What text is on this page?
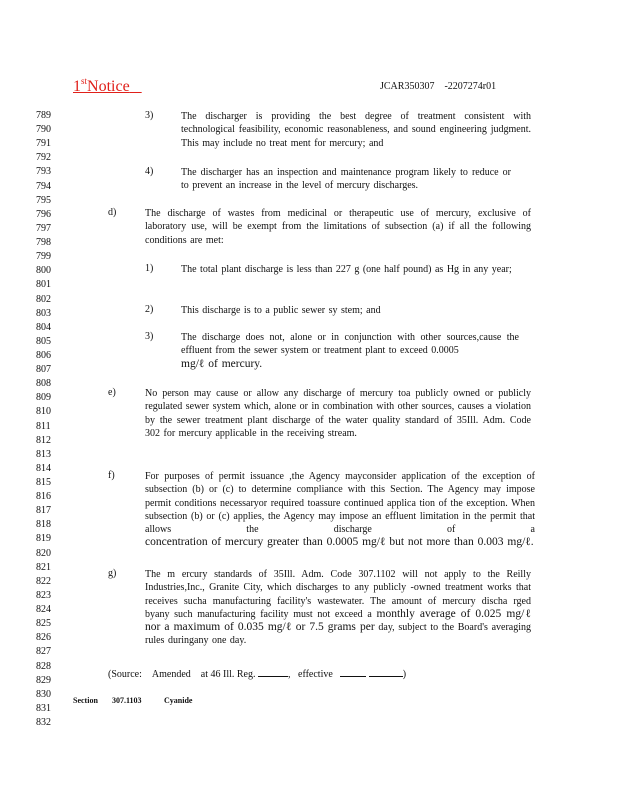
1stNotice	JCAR350307 -2207274r01
789
790
791
792
793
794
795
796
797
798
799
800
801
802
803
804
805
806
807
808
809
810
811
812
813
814
815
816
817
818
819
820
821
822
823
824
825
826
827
828
829
830
831
832
3)	The discharger is providing the best degree of treatment consistent with technological feasibility, economic reasonableness, and sound engineering judgment. This may include no treat ment for mercury; and
4)	The discharger has an inspection and maintenance program likely to reduce or to prevent an increase in the level of mercury discharges.
d)	The discharge of wastes from medicinal or therapeutic use of mercury, exclusive of laboratory use, will be exempt from the limitations of subsection (a) if all the following conditions are met:
1)	The total plant discharge is less than 227 g (one half pound) as Hg in any year;
2)	This discharge is to a public sewer sy stem; and
3)	The discharge does not, alone or in conjunction with other sources,cause the effluent from the sewer system or treatment plant to exceed 0.0005
mg/ℓ of mercury.
e)	No person may cause or allow any discharge of mercury toa publicly owned or publicly regulated sewer system which, alone or in combination with other sources, causes a violation by the sewer treatment plant discharge of the water quality standard of 35Ill. Adm. Code 302 for mercury applicable in the receiving stream.
f)	For purposes of permit issuance ,the Agency mayconsider application of the exception of subsection (b) or (c) to determine compliance with this Section. The Agency may impose permit conditions necessaryor required toassure continued applica tion of the exception. When subsection (b) or (c) applies, the Agency may impose an effluent limitation in the permit that allows the discharge of a concentration of mercury greater than 0.0005 mg/ℓ but not more than 0.003 mg/ℓ.
g)	The m ercury standards of 35Ill. Adm. Code 307.1102 will not apply to the Reilly Industries,Inc., Granite City, which discharges to any publicly -owned treatment works that receives sucha manufacturing facility's wastewater. The amount of mercury discha rged byany such manufacturing facility must not exceed a monthly average of 0.025 mg/ℓ nor a maximum of 0.035 mg/ℓ or 7.5 grams per day, subject to the Board's averaging rules duringany one day.
(Source: Amended at 46 Ill. Reg.	, effective	)
Section 307.1103	Cyanide
